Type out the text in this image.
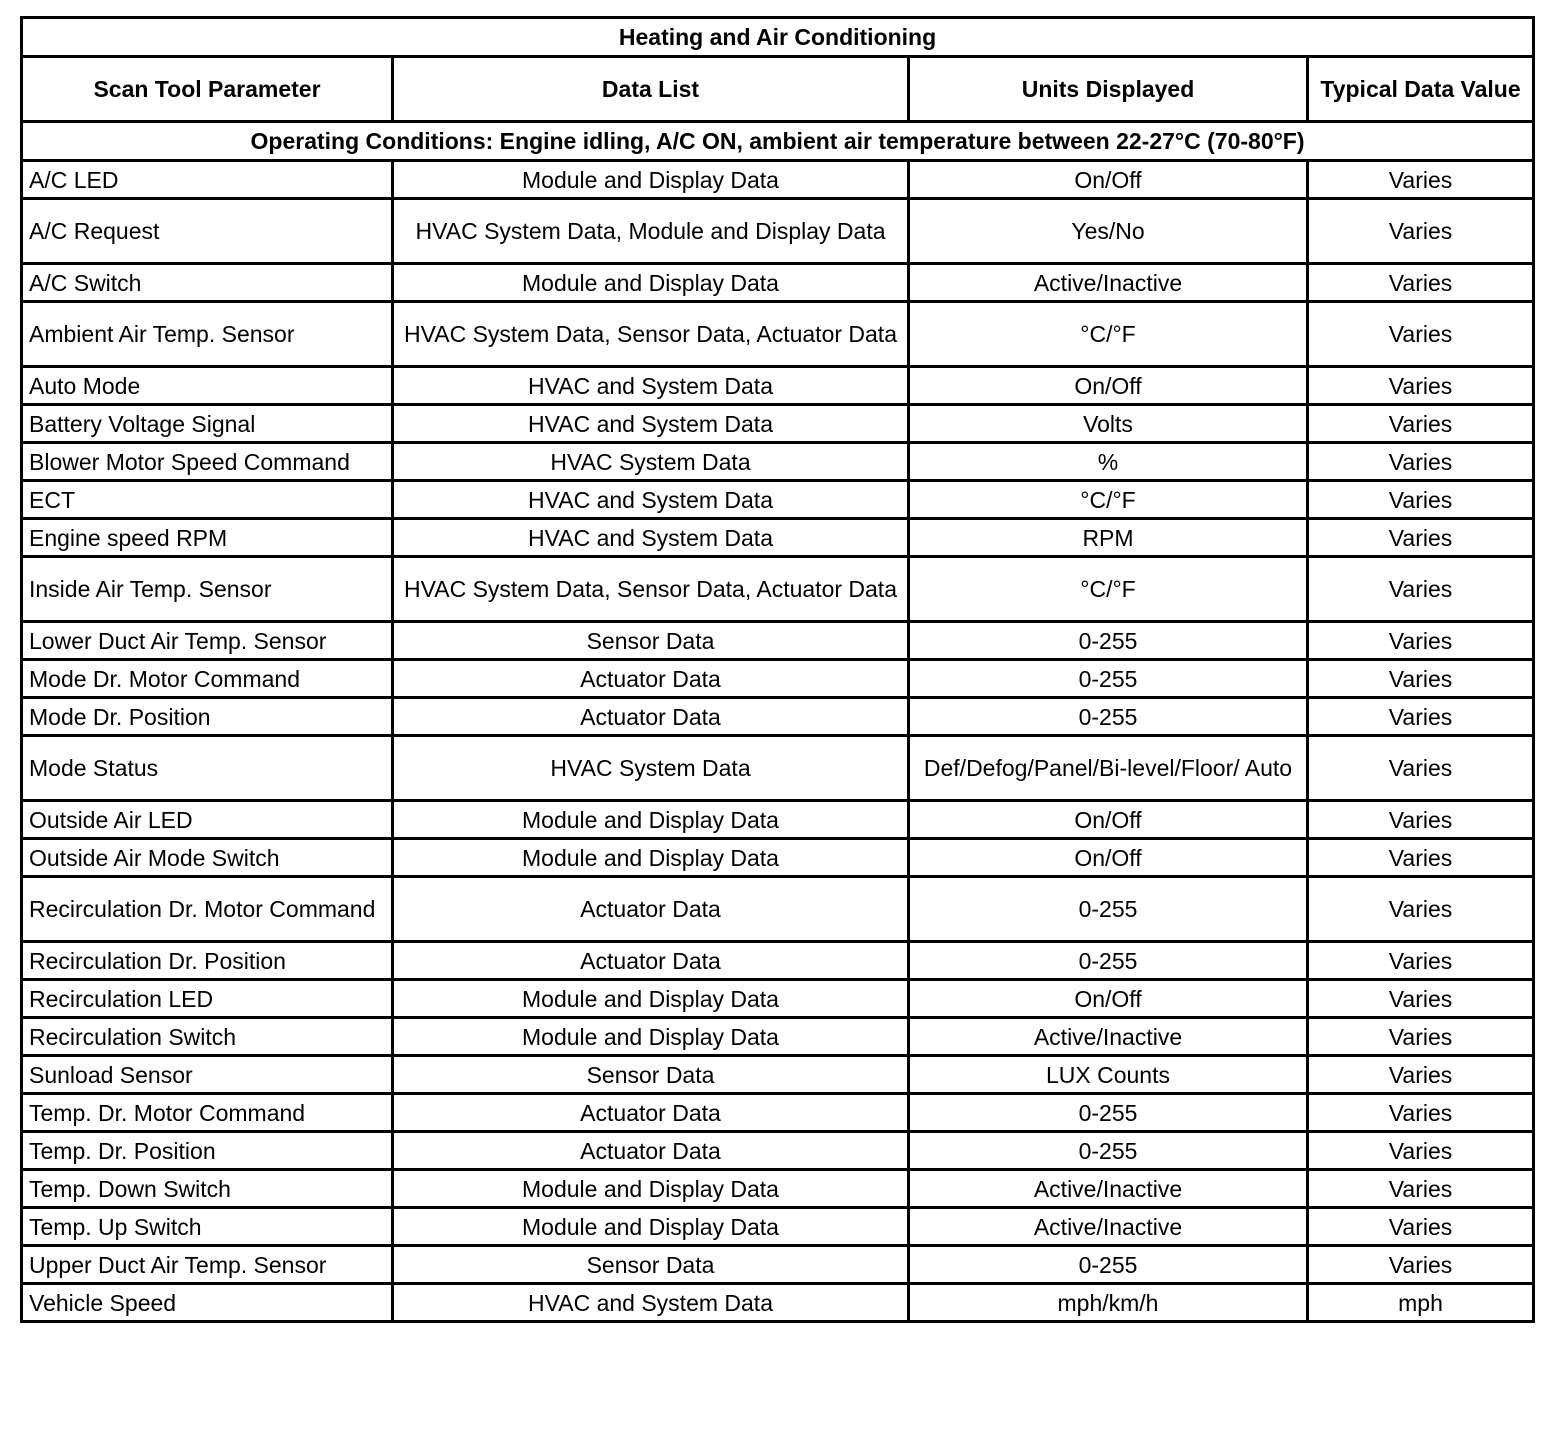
Heating and Air Conditioning			
Scan Tool Parameter	Data List	Units Displayed	Typical Data Value
Operating Conditions: Engine idling, A/C ON, ambient air temperature between 22-27°C (70-80°F)			
A/C LED	Module and Display Data	On/Off	Varies
A/C Request	HVAC System Data, Module and Display Data	Yes/No	Varies
A/C Switch	Module and Display Data	Active/Inactive	Varies
Ambient Air Temp. Sensor	HVAC System Data, Sensor Data, Actuator Data	°C/°F	Varies
Auto Mode	HVAC and System Data	On/Off	Varies
Battery Voltage Signal	HVAC and System Data	Volts	Varies
Blower Motor Speed Command	HVAC System Data	%	Varies
ECT	HVAC and System Data	°C/°F	Varies
Engine speed RPM	HVAC and System Data	RPM	Varies
Inside Air Temp. Sensor	HVAC System Data, Sensor Data, Actuator Data	°C/°F	Varies
Lower Duct Air Temp. Sensor	Sensor Data	0-255	Varies
Mode Dr. Motor Command	Actuator Data	0-255	Varies
Mode Dr. Position	Actuator Data	0-255	Varies
Mode Status	HVAC System Data	Def/Defog/Panel/Bi-level/Floor/ Auto	Varies
Outside Air LED	Module and Display Data	On/Off	Varies
Outside Air Mode Switch	Module and Display Data	On/Off	Varies
Recirculation Dr. Motor Command	Actuator Data	0-255	Varies
Recirculation Dr. Position	Actuator Data	0-255	Varies
Recirculation LED	Module and Display Data	On/Off	Varies
Recirculation Switch	Module and Display Data	Active/Inactive	Varies
Sunload Sensor	Sensor Data	LUX Counts	Varies
Temp. Dr. Motor Command	Actuator Data	0-255	Varies
Temp. Dr. Position	Actuator Data	0-255	Varies
Temp. Down Switch	Module and Display Data	Active/Inactive	Varies
Temp. Up Switch	Module and Display Data	Active/Inactive	Varies
Upper Duct Air Temp. Sensor	Sensor Data	0-255	Varies
Vehicle Speed	HVAC and System Data	mph/km/h	mph
